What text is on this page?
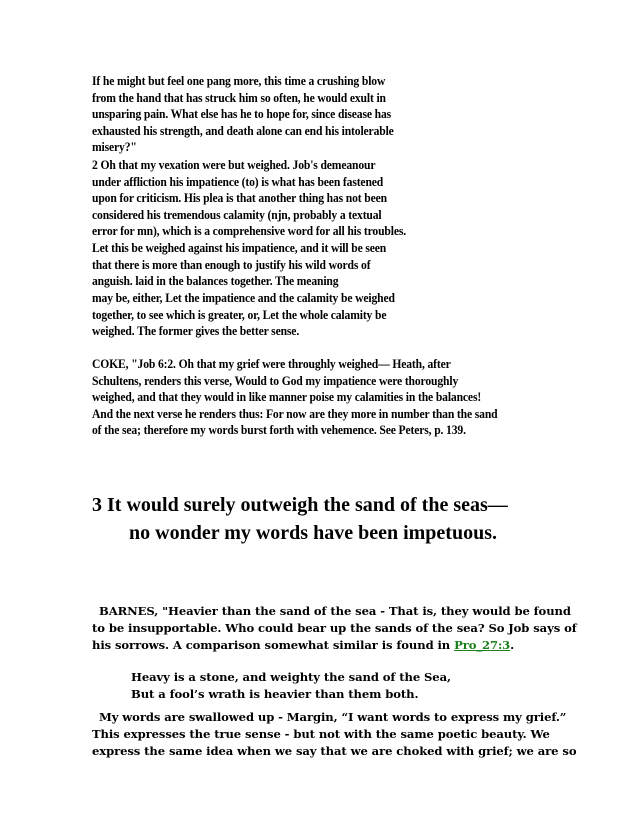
If he might but feel one pang more, this time a crushing blow
from the hand that has struck him so often, he would exult in
unsparing pain. What else has he to hope for, since disease has
exhausted his strength, and death alone can end his intolerable
misery?"

2 Oh that my vexation were but weighed. Job's demeanour
under affliction his impatience (to) is what has been fastened
upon for criticism. His plea is that another thing has not been
considered his tremendous calamity (njn, probably a textual
error for mn), which is a comprehensive word for all his troubles.
Let this be weighed against his impatience, and it will be seen
that there is more than enough to justify his wild words of
anguish. laid in the balances together. The meaning

may be, either, Let the impatience and the calamity be weighed
together, to see which is greater, or, Let the whole calamity be
weighed. The former gives the better sense.

COKE, "Job 6:2. Oh that my grief were throughly weighed— Heath, after
Schultens, renders this verse, Would to God my impatience were thoroughly
weighed, and that they would in like manner poise my calamities in the balances!
And the next verse he renders thus: For now are they more in number than the sand
of the sea; therefore my words burst forth with vehemence. See Peters, p. 139.

3 It would surely outweigh the sand of the seas—
no wonder my words have been impetuous.

BARNES, "Heavier than the sand of the sea - That is, they would be found
to be insupportable. Who could bear up the sands of the sea? So Job says of
his sorrows. A comparison somewhat similar is found in Pro_27:3.

Heavy is a stone, and weighty the sand of the Sea,
But a fool’s wrath is heavier than them both.

My words are swallowed up - Margin, “I want words to express my grief.”
This expresses the true sense - but not with the same poetic beauty. We
express the same idea when we say that we are choked with grief; we are so
